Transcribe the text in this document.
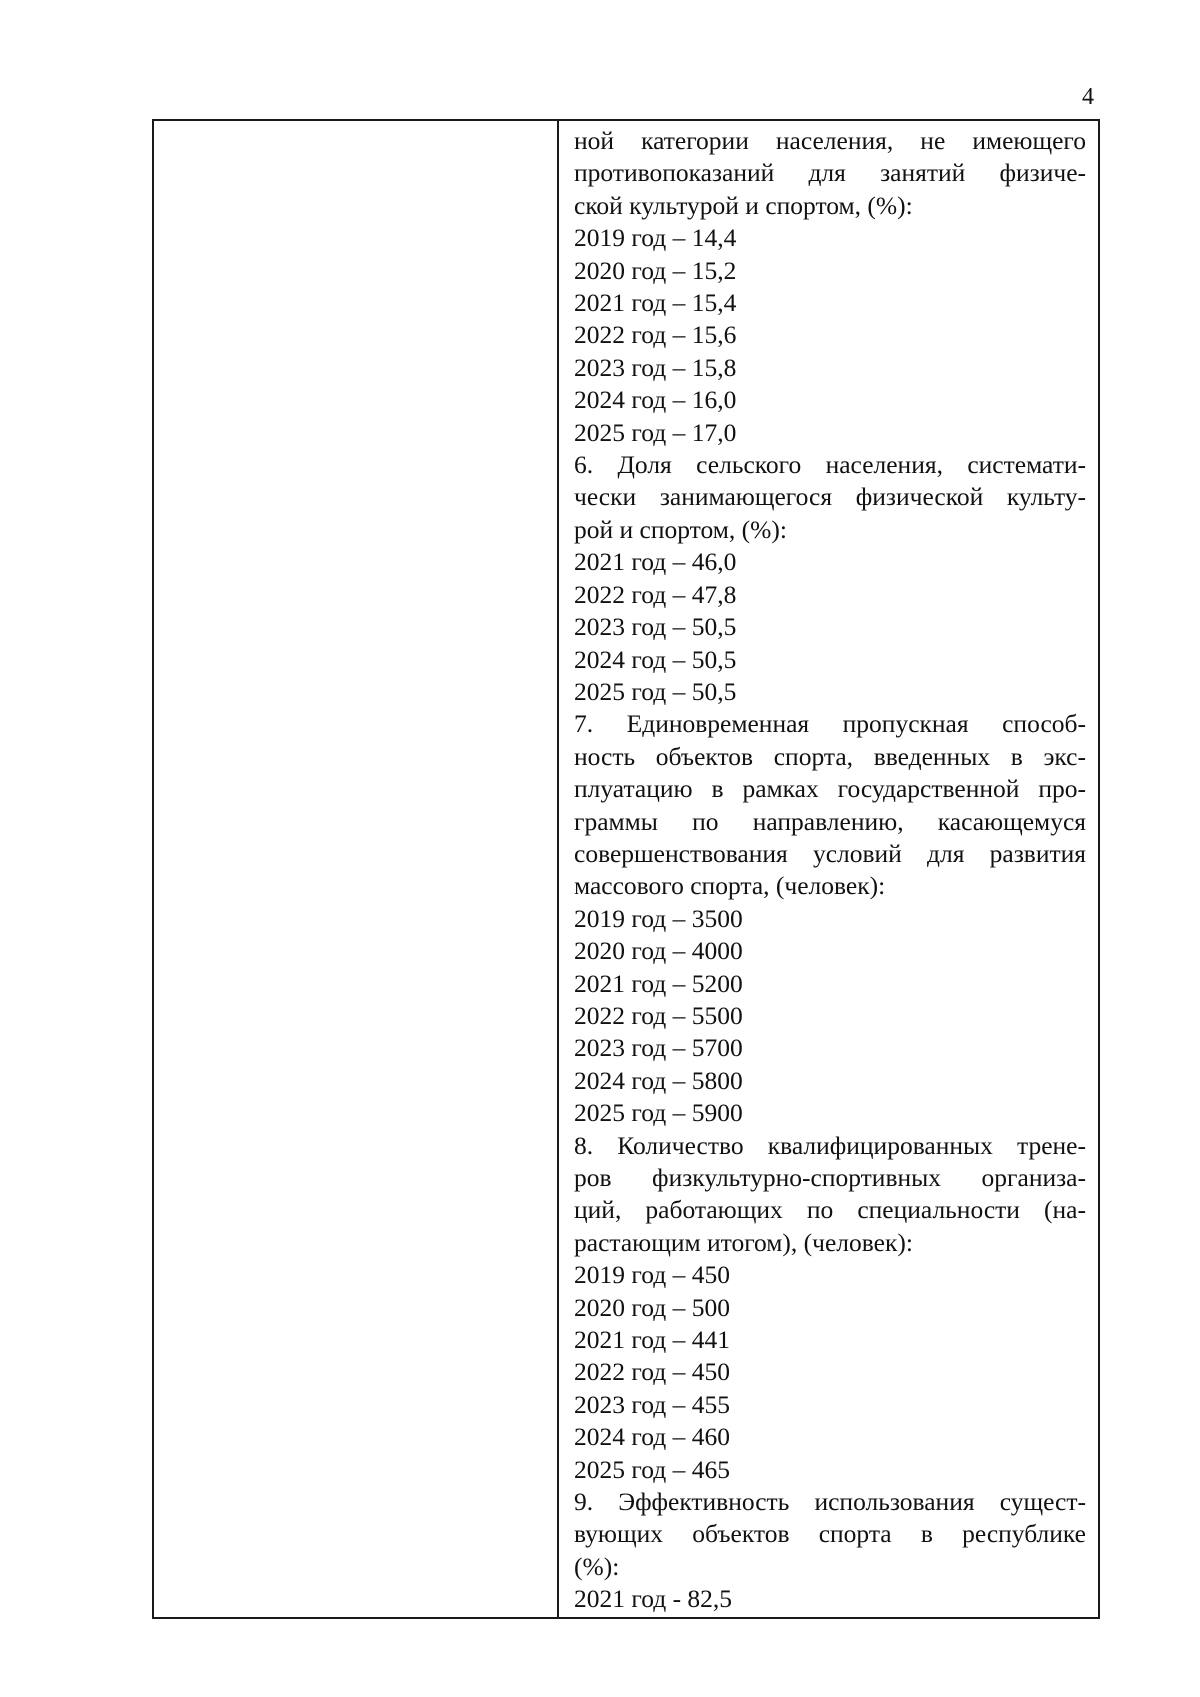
4
ной категории населения, не имеющего
противопоказаний для занятий физиче-
ской культурой и спортом, (%):
2019 год – 14,4
2020 год – 15,2
2021 год – 15,4
2022 год – 15,6
2023 год – 15,8
2024 год – 16,0
2025 год – 17,0
6. Доля сельского населения, системати-
чески занимающегося физической культу-
рой и спортом, (%):
2021 год – 46,0
2022 год – 47,8
2023 год – 50,5
2024 год – 50,5
2025 год – 50,5
7. Единовременная пропускная способ-
ность объектов спорта, введенных в экс-
плуатацию в рамках государственной про-
граммы по направлению, касающемуся
совершенствования условий для развития
массового спорта, (человек):
2019 год – 3500
2020 год – 4000
2021 год – 5200
2022 год – 5500
2023 год – 5700
2024 год – 5800
2025 год – 5900
8. Количество квалифицированных трене-
ров физкультурно-спортивных организа-
ций, работающих по специальности (на-
растающим итогом), (человек):
2019 год – 450
2020 год – 500
2021 год – 441
2022 год – 450
2023 год – 455
2024 год – 460
2025 год – 465
9. Эффективность использования сущест-
вующих объектов спорта в республике
(%):
2021 год - 82,5
